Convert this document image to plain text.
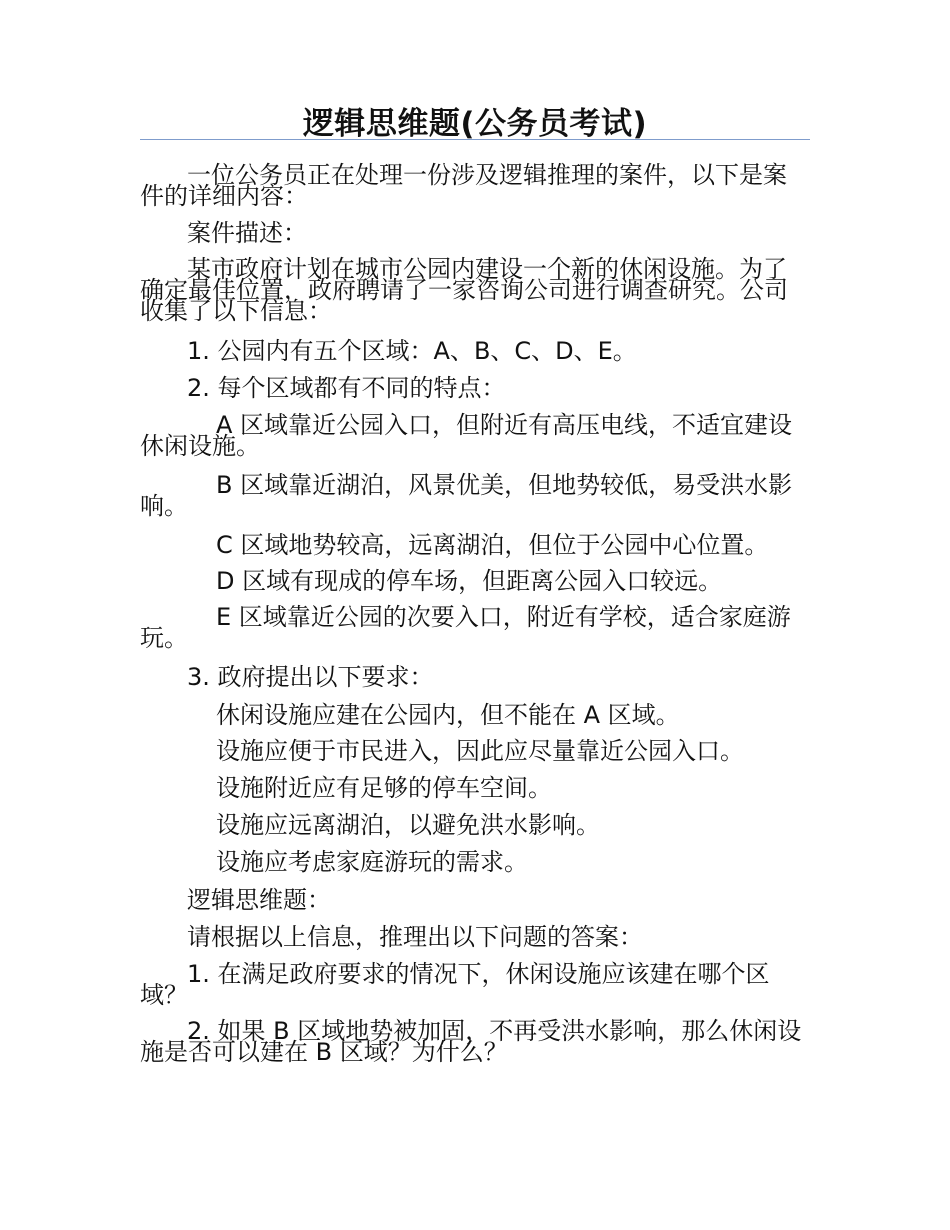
逻辑思维题(公务员考试)

一位公务员正在处理一份涉及逻辑推理的案件，以下是案件的详细内容：

案件描述：

某市政府计划在城市公园内建设一个新的休闲设施。为了确定最佳位置，政府聘请了一家咨询公司进行调查研究。公司收集了以下信息：

1. 公园内有五个区域：A、B、C、D、E。

2. 每个区域都有不同的特点：

A 区域靠近公园入口，但附近有高压电线，不适宜建设休闲设施。

B 区域靠近湖泊，风景优美，但地势较低，易受洪水影响。

C 区域地势较高，远离湖泊，但位于公园中心位置。

D 区域有现成的停车场，但距离公园入口较远。

E 区域靠近公园的次要入口，附近有学校，适合家庭游玩。

3. 政府提出以下要求：

休闲设施应建在公园内，但不能在 A 区域。

设施应便于市民进入，因此应尽量靠近公园入口。

设施附近应有足够的停车空间。

设施应远离湖泊，以避免洪水影响。

设施应考虑家庭游玩的需求。

逻辑思维题：

请根据以上信息，推理出以下问题的答案：

1. 在满足政府要求的情况下，休闲设施应该建在哪个区域？

2. 如果 B 区域地势被加固，不再受洪水影响，那么休闲设施是否可以建在 B 区域？为什么？
